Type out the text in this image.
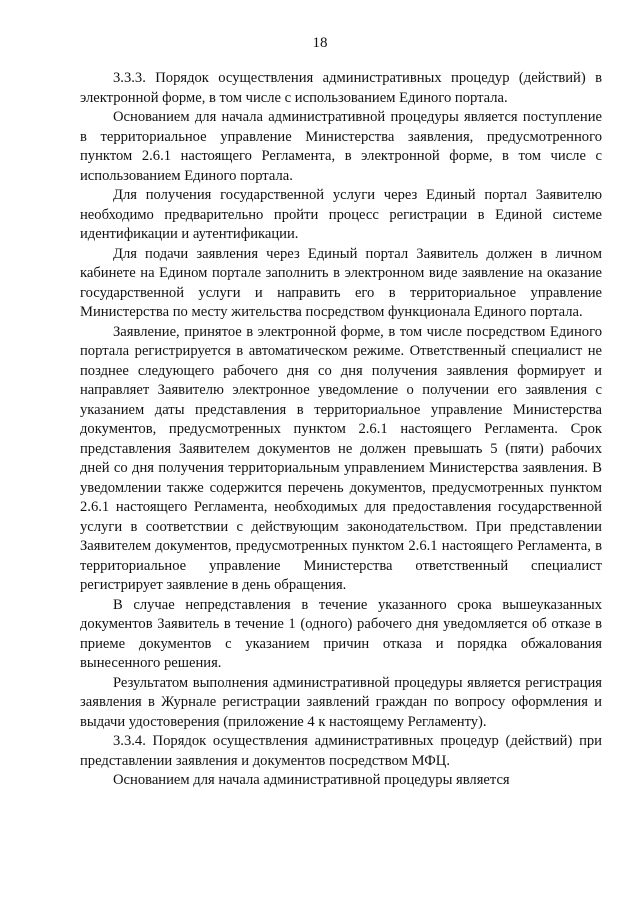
18

3.3.3. Порядок осуществления административных процедур (действий) в электронной форме, в том числе с использованием Единого портала.

Основанием для начала административной процедуры является поступление в территориальное управление Министерства заявления, предусмотренного пунктом 2.6.1 настоящего Регламента, в электронной форме, в том числе с использованием Единого портала.

Для получения государственной услуги через Единый портал Заявителю необходимо предварительно пройти процесс регистрации в Единой системе идентификации и аутентификации.

Для подачи заявления через Единый портал Заявитель должен в личном кабинете на Едином портале заполнить в электронном виде заявление на оказание государственной услуги и направить его в территориальное управление Министерства по месту жительства посредством функционала Единого портала.

Заявление, принятое в электронной форме, в том числе посредством Единого портала регистрируется в автоматическом режиме. Ответственный специалист не позднее следующего рабочего дня со дня получения заявления формирует и направляет Заявителю электронное уведомление о получении его заявления с указанием даты представления в территориальное управление Министерства документов, предусмотренных пунктом 2.6.1 настоящего Регламента. Срок представления Заявителем документов не должен превышать 5 (пяти) рабочих дней со дня получения территориальным управлением Министерства заявления. В уведомлении также содержится перечень документов, предусмотренных пунктом 2.6.1 настоящего Регламента, необходимых для предоставления государственной услуги в соответствии с действующим законодательством. При представлении Заявителем документов, предусмотренных пунктом 2.6.1 настоящего Регламента, в территориальное управление Министерства ответственный специалист регистрирует заявление в день обращения.

В случае непредставления в течение указанного срока вышеуказанных документов Заявитель в течение 1 (одного) рабочего дня уведомляется об отказе в приеме документов с указанием причин отказа и порядка обжалования вынесенного решения.

Результатом выполнения административной процедуры является регистрация заявления в Журнале регистрации заявлений граждан по вопросу оформления и выдачи удостоверения (приложение 4 к настоящему Регламенту).

3.3.4. Порядок осуществления административных процедур (действий) при представлении заявления и документов посредством МФЦ.

Основанием для начала административной процедуры является
